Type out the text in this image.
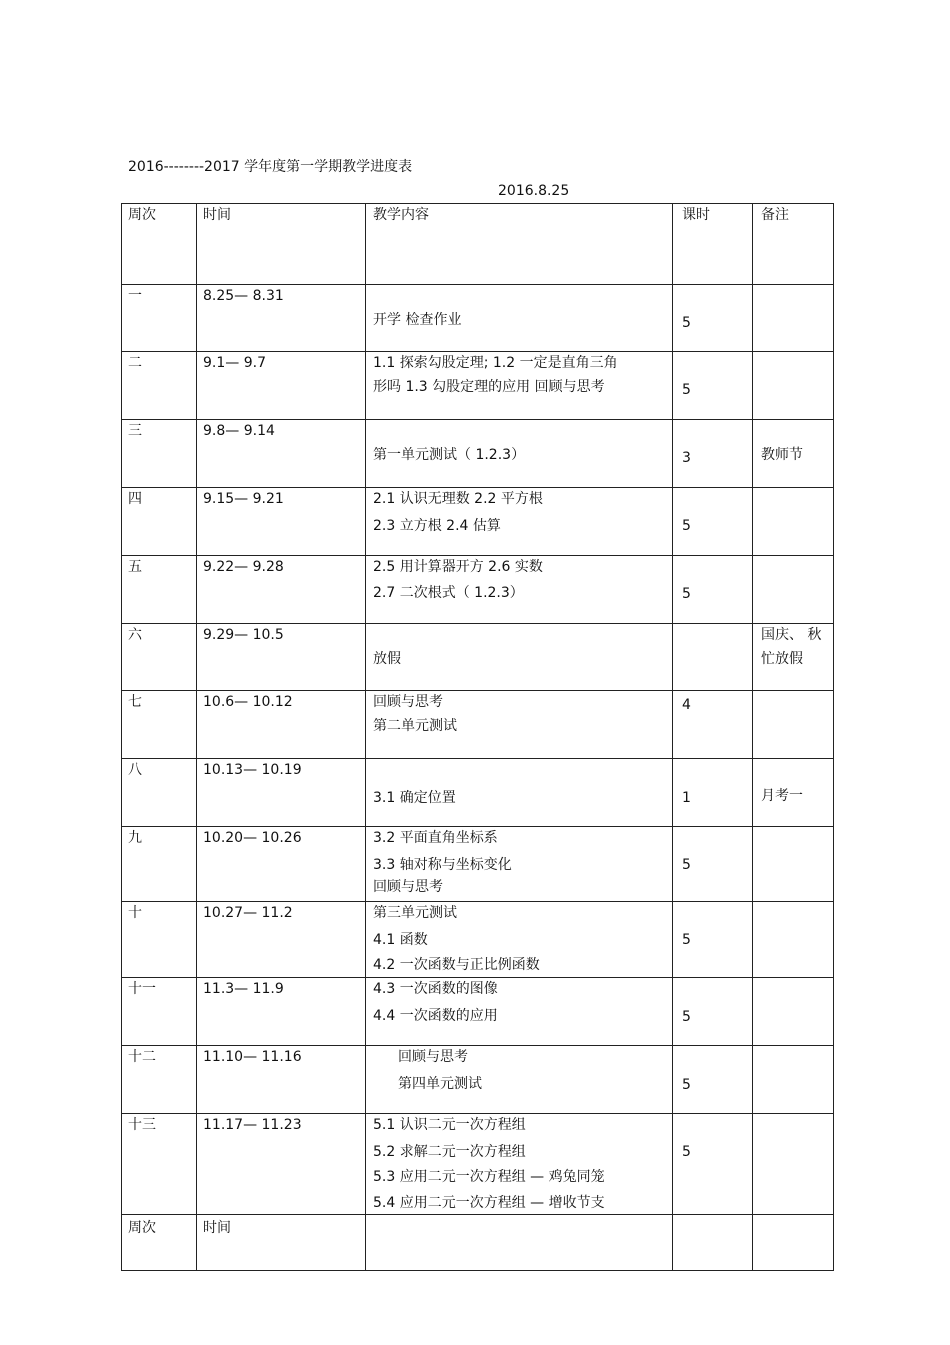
2016--------2017 学年度第一学期教学进度表
2016.8.25
周次	时间	教学内容	课时	备注

一	8.25— 8.31	开学 检查作业	5	

二	9.1— 9.7	1.1 探索勾股定理; 1.2 一定是直角三角
形吗 1.3 勾股定理的应用 回顾与思考	5	

三	9.8— 9.14	第一单元测试（ 1.2.3）	3	教师节

四	9.15— 9.21	2.1 认识无理数 2.2 平方根
2.3 立方根 2.4 估算	5	

五	9.22— 9.28	2.5 用计算器开方 2.6 实数
2.7 二次根式（ 1.2.3）	5	

六	9.29— 10.5	放假		国庆、 秋
忙放假

七	10.6— 10.12	回顾与思考
第二单元测试	4	

八	10.13— 10.19	3.1 确定位置	1	月考一

九	10.20— 10.26	3.2 平面直角坐标系
3.3 轴对称与坐标变化
回顾与思考	5	

十	10.27— 11.2	第三单元测试
4.1 函数
4.2 一次函数与正比例函数	5	

十一	11.3— 11.9	4.3 一次函数的图像
4.4 一次函数的应用	5	

十二	11.10— 11.16	回顾与思考
第四单元测试	5	

十三	11.17— 11.23	5.1 认识二元一次方程组
5.2 求解二元一次方程组
5.3 应用二元一次方程组 — 鸡兔同笼
5.4 应用二元一次方程组 — 增收节支	5	

周次	时间			
